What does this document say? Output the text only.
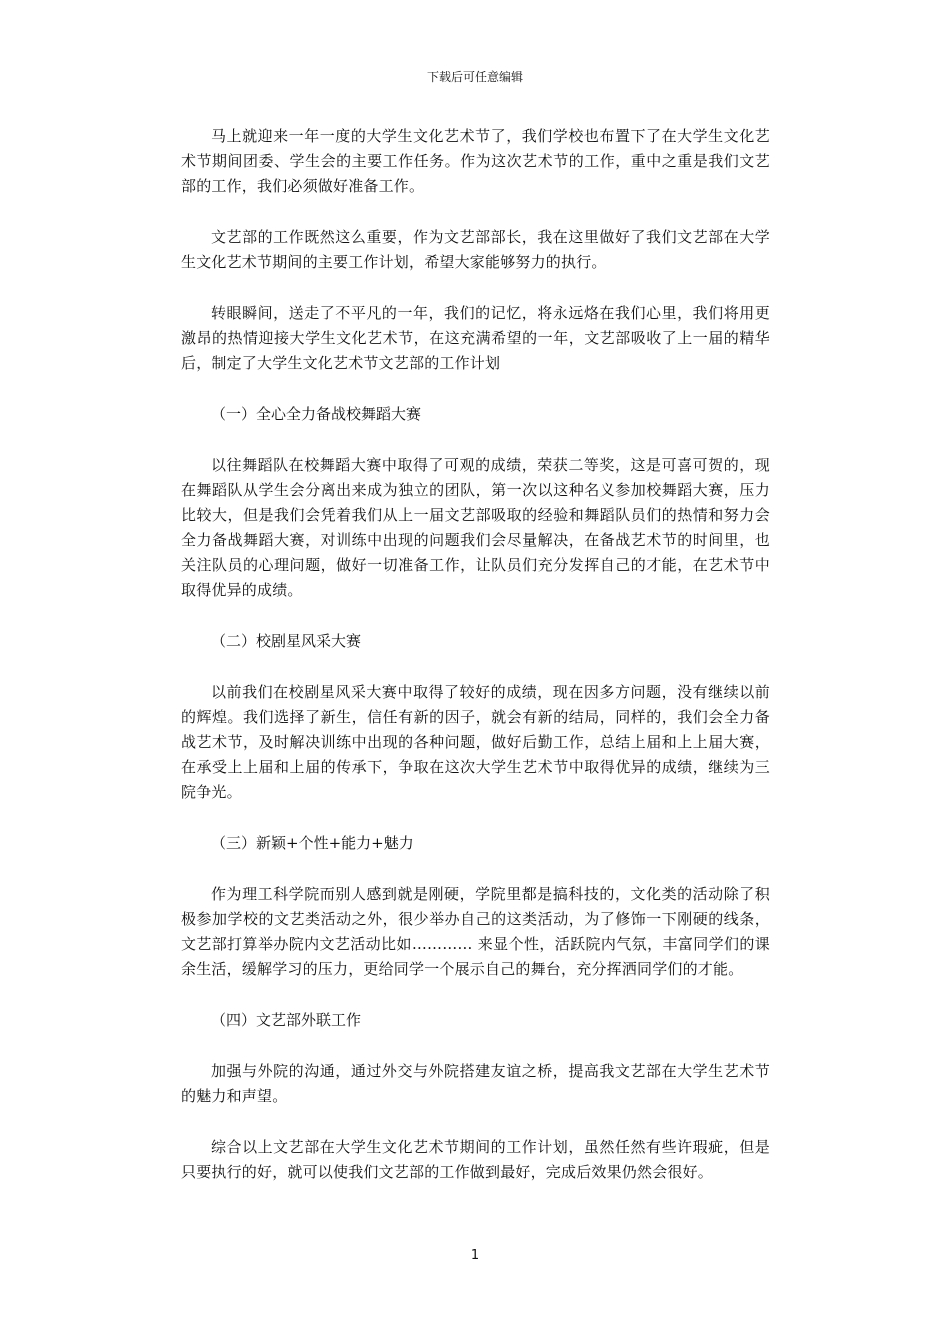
下载后可任意编辑

马上就迎来一年一度的大学生文化艺术节了，我们学校也布置下了在大学生文化艺术节期间团委、学生会的主要工作任务。作为这次艺术节的工作，重中之重是我们文艺部的工作，我们必须做好准备工作。

文艺部的工作既然这么重要，作为文艺部部长，我在这里做好了我们文艺部在大学生文化艺术节期间的主要工作计划，希望大家能够努力的执行。

转眼瞬间，送走了不平凡的一年，我们的记忆，将永远烙在我们心里，我们将用更激昂的热情迎接大学生文化艺术节，在这充满希望的一年，文艺部吸收了上一届的精华后，制定了大学生文化艺术节文艺部的工作计划

（一）全心全力备战校舞蹈大赛

以往舞蹈队在校舞蹈大赛中取得了可观的成绩，荣获二等奖，这是可喜可贺的，现在舞蹈队从学生会分离出来成为独立的团队，第一次以这种名义参加校舞蹈大赛，压力比较大，但是我们会凭着我们从上一届文艺部吸取的经验和舞蹈队员们的热情和努力会全力备战舞蹈大赛，对训练中出现的问题我们会尽量解决，在备战艺术节的时间里，也关注队员的心理问题，做好一切准备工作，让队员们充分发挥自己的才能，在艺术节中取得优异的成绩。

（二）校剧星风采大赛

以前我们在校剧星风采大赛中取得了较好的成绩，现在因多方问题，没有继续以前的辉煌。我们选择了新生，信任有新的因子，就会有新的结局，同样的，我们会全力备战艺术节，及时解决训练中出现的各种问题，做好后勤工作，总结上届和上上届大赛，在承受上上届和上届的传承下，争取在这次大学生艺术节中取得优异的成绩，继续为三院争光。

（三）新颖+个性+能力+魅力

作为理工科学院而别人感到就是刚硬，学院里都是搞科技的，文化类的活动除了积极参加学校的文艺类活动之外，很少举办自己的这类活动，为了修饰一下刚硬的线条，文艺部打算举办院内文艺活动比如………… 来显个性，活跃院内气氛，丰富同学们的课余生活，缓解学习的压力，更给同学一个展示自己的舞台，充分挥洒同学们的才能。

（四）文艺部外联工作

加强与外院的沟通，通过外交与外院搭建友谊之桥，提高我文艺部在大学生艺术节的魅力和声望。

综合以上文艺部在大学生文化艺术节期间的工作计划，虽然任然有些许瑕疵，但是只要执行的好，就可以使我们文艺部的工作做到最好，完成后效果仍然会很好。

1
